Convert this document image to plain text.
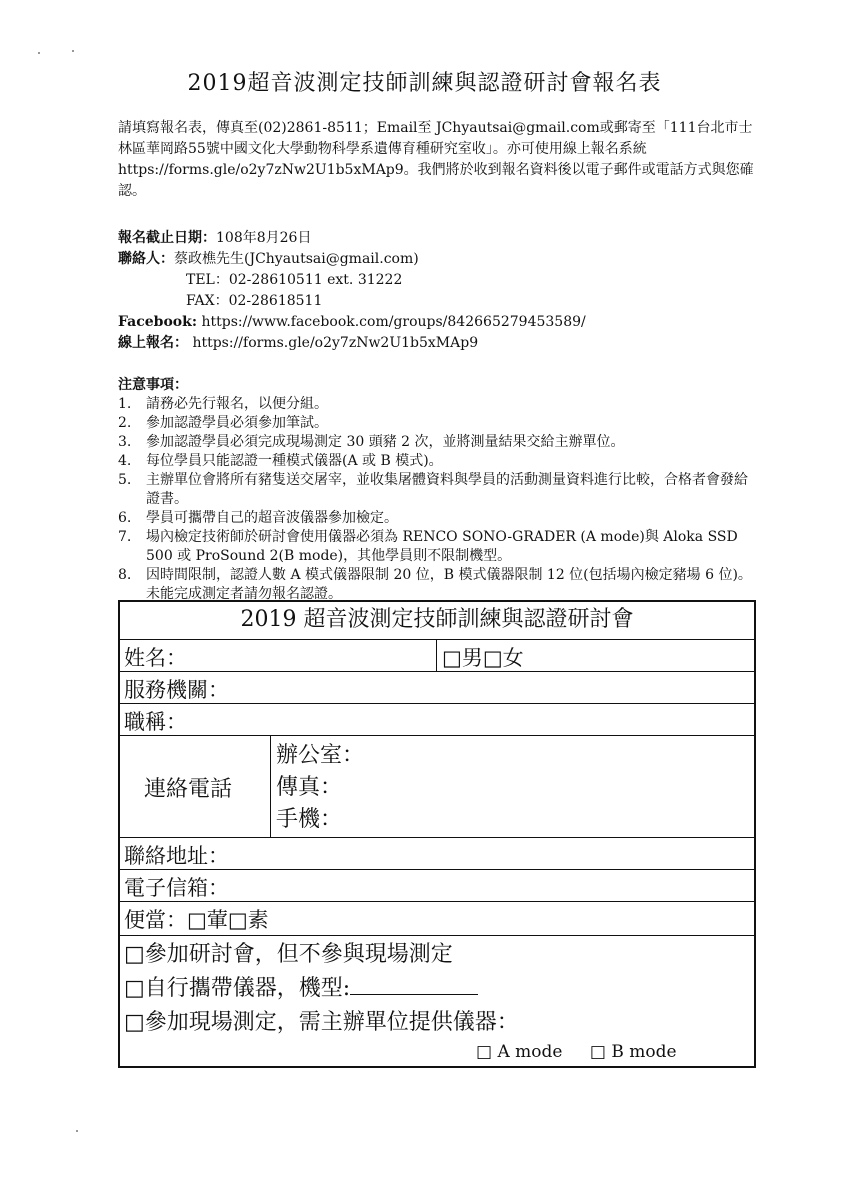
2019超音波測定技師訓練與認證研討會報名表
請填寫報名表，傳真至(02)2861-8511；Email至 JChyautsai@gmail.com或郵寄至「111台北市士林區華岡路55號中國文化大學動物科學系遺傳育種研究室收」。亦可使用線上報名系統https://forms.gle/o2y7zNw2U1b5xMAp9。我們將於收到報名資料後以電子郵件或電話方式與您確認。
報名截止日期：108年8月26日
聯絡人：蔡政樵先生(JChyautsai@gmail.com)
TEL：02-28610511 ext. 31222
FAX：02-28618511
Facebook: https://www.facebook.com/groups/842665279453589/
線上報名： https://forms.gle/o2y7zNw2U1b5xMAp9
注意事項：
1.	請務必先行報名，以便分組。
2.	參加認證學員必須參加筆試。
3.	參加認證學員必須完成現場測定 30 頭豬 2 次，並將測量結果交給主辦單位。
4.	每位學員只能認證一種模式儀器(A 或 B 模式)。
5.	主辦單位會將所有豬隻送交屠宰，並收集屠體資料與學員的活動測量資料進行比較，合格者會發給證書。
6.	學員可攜帶自己的超音波儀器參加檢定。
7.	場內檢定技術師於研討會使用儀器必須為 RENCO SONO-GRADER (A mode)與 Aloka SSD 500 或 ProSound 2(B mode)，其他學員則不限制機型。
8.	因時間限制，認證人數 A 模式儀器限制 20 位，B 模式儀器限制 12 位(包括場內檢定豬場 6 位)。未能完成測定者請勿報名認證。
2019 超音波測定技師訓練與認證研討會
姓名：	□男□女
服務機關：
職稱：
連絡電話
辦公室：
傳真：
手機：
聯絡地址：
電子信箱：
便當：□葷□素
□參加研討會，但不參與現場測定
□自行攜帶儀器，機型:
□參加現場測定，需主辦單位提供儀器：
□ A mode □ B mode
